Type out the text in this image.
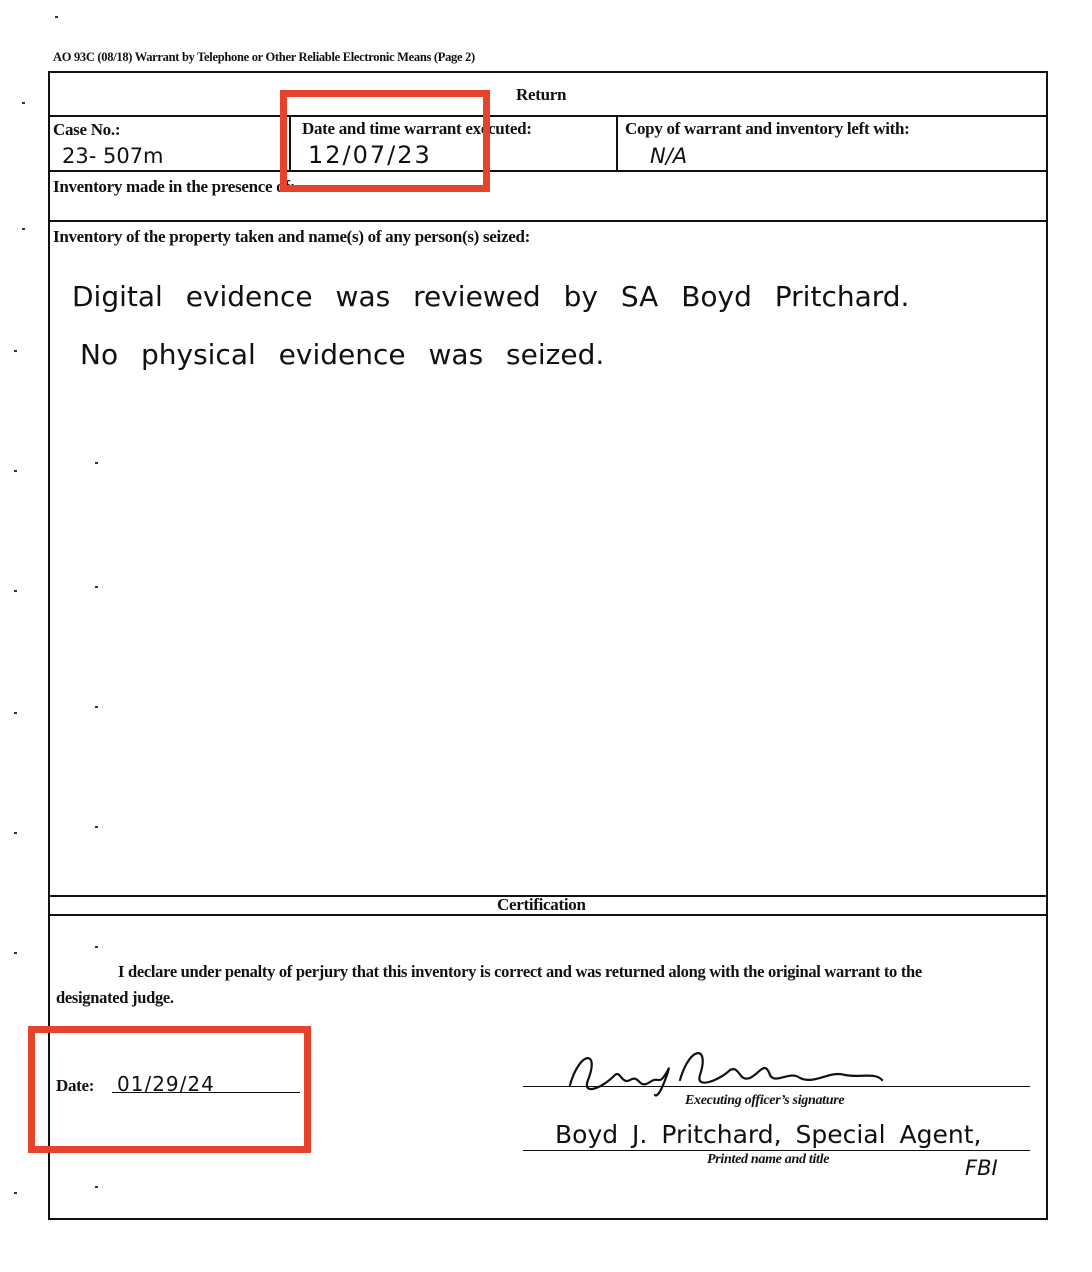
AO 93C (08/18) Warrant by Telephone or Other Reliable Electronic Means (Page 2)
Return
Case No.:
23- 507m
Date and time warrant executed:
12/07/23
Copy of warrant and inventory left with:
N/A
Inventory made in the presence of:
Inventory of the property taken and name(s) of any person(s) seized:
Digital evidence was reviewed by SA Boyd Pritchard.
No physical evidence was seized.
Certification
I declare under penalty of perjury that this inventory is correct and was returned along with the original warrant to the
designated judge.
Date: 01/29/24
Executing officer’s signature
Boyd J. Pritchard, Special Agent,
Printed name and title	FBI
